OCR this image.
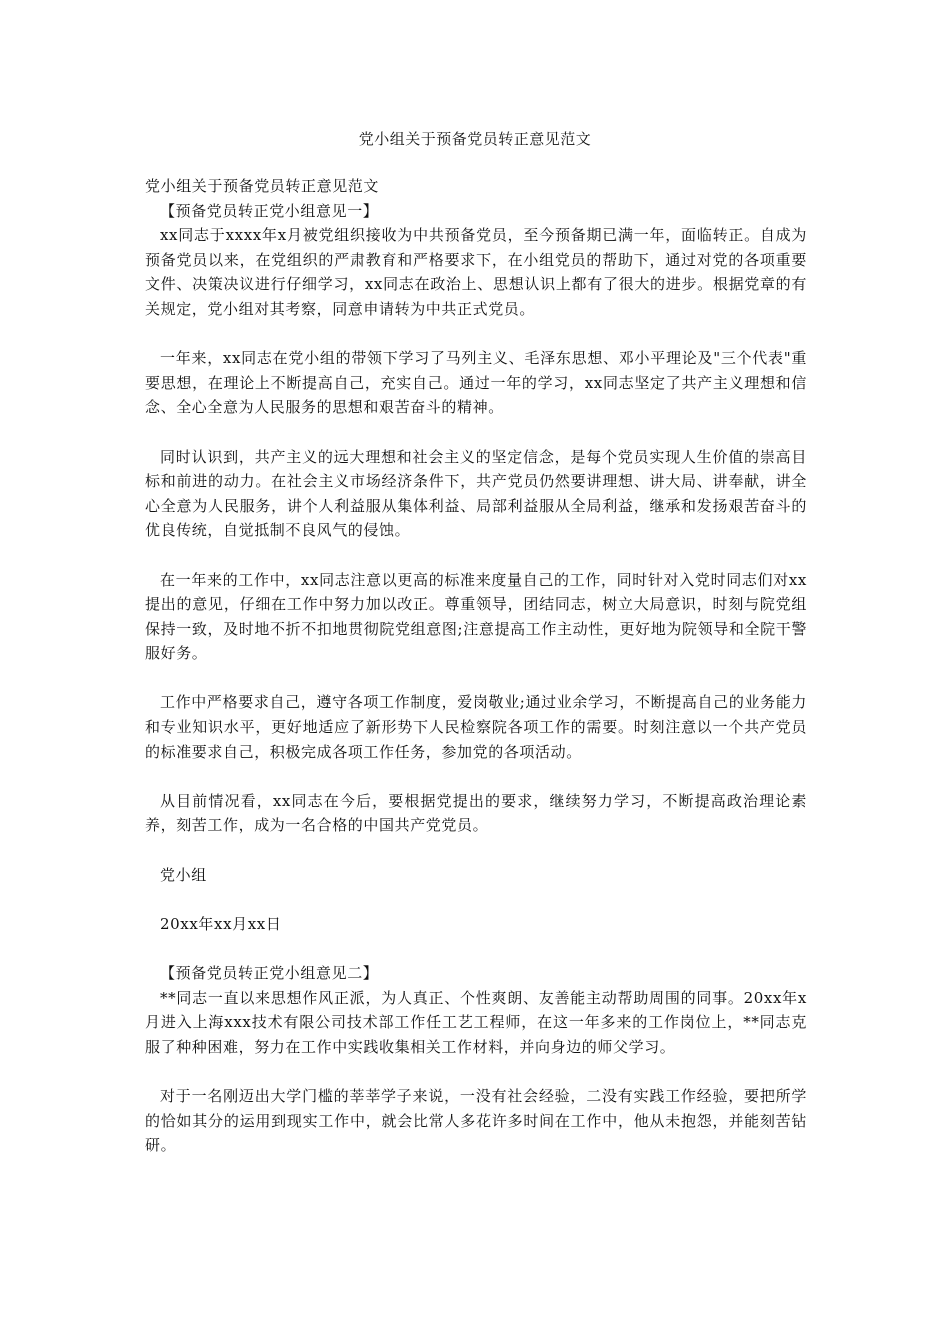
党小组关于预备党员转正意见范文

党小组关于预备党员转正意见范文

【预备党员转正党小组意见一】

xx同志于xxxx年x月被党组织接收为中共预备党员，至今预备期已满一年，面临转正。自成为预备党员以来，在党组织的严肃教育和严格要求下，在小组党员的帮助下，通过对党的各项重要文件、决策决议进行仔细学习，xx同志在政治上、思想认识上都有了很大的进步。根据党章的有关规定，党小组对其考察，同意申请转为中共正式党员。

一年来，xx同志在党小组的带领下学习了马列主义、毛泽东思想、邓小平理论及"三个代表"重要思想，在理论上不断提高自己，充实自己。通过一年的学习，xx同志坚定了共产主义理想和信念、全心全意为人民服务的思想和艰苦奋斗的精神。

同时认识到，共产主义的远大理想和社会主义的坚定信念，是每个党员实现人生价值的崇高目标和前进的动力。在社会主义市场经济条件下，共产党员仍然要讲理想、讲大局、讲奉献，讲全心全意为人民服务，讲个人利益服从集体利益、局部利益服从全局利益，继承和发扬艰苦奋斗的优良传统，自觉抵制不良风气的侵蚀。

在一年来的工作中，xx同志注意以更高的标准来度量自己的工作，同时针对入党时同志们对xx提出的意见，仔细在工作中努力加以改正。尊重领导，团结同志，树立大局意识，时刻与院党组保持一致，及时地不折不扣地贯彻院党组意图;注意提高工作主动性，更好地为院领导和全院干警服好务。

工作中严格要求自己，遵守各项工作制度，爱岗敬业;通过业余学习，不断提高自己的业务能力和专业知识水平，更好地适应了新形势下人民检察院各项工作的需要。时刻注意以一个共产党员的标准要求自己，积极完成各项工作任务，参加党的各项活动。

从目前情况看，xx同志在今后，要根据党提出的要求，继续努力学习，不断提高政治理论素养，刻苦工作，成为一名合格的中国共产党党员。

党小组

20xx年xx月xx日

【预备党员转正党小组意见二】

**同志一直以来思想作风正派，为人真正、个性爽朗、友善能主动帮助周围的同事。20xx年x月进入上海xxx技术有限公司技术部工作任工艺工程师，在这一年多来的工作岗位上，**同志克服了种种困难，努力在工作中实践收集相关工作材料，并向身边的师父学习。

对于一名刚迈出大学门槛的莘莘学子来说，一没有社会经验，二没有实践工作经验，要把所学的恰如其分的运用到现实工作中，就会比常人多花许多时间在工作中，他从未抱怨，并能刻苦钻研。
